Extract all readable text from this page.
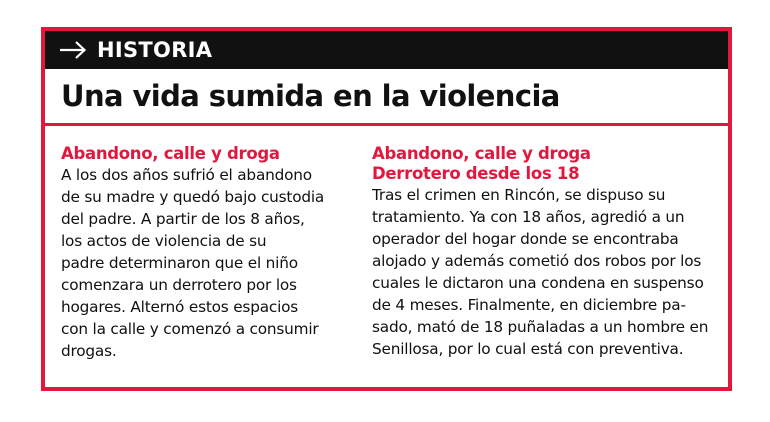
HISTORIA
Una vida sumida en la violencia
Abandono, calle y droga

A los dos años sufrió el abandono
de su madre y quedó bajo custodia
del padre. A partir de los 8 años,
los actos de violencia de su
padre determinaron que el niño
comenzara un derrotero por los
hogares. Alternó estos espacios
con la calle y comenzó a consumir
drogas.

Abandono, calle y droga
Derrotero desde los 18

Tras el crimen en Rincón, se dispuso su
tratamiento. Ya con 18 años, agredió a un
operador del hogar donde se encontraba
alojado y además cometió dos robos por los
cuales le dictaron una condena en suspenso
de 4 meses. Finalmente, en diciembre pa-
sado, mató de 18 puñaladas a un hombre en
Senillosa, por lo cual está con preventiva.
